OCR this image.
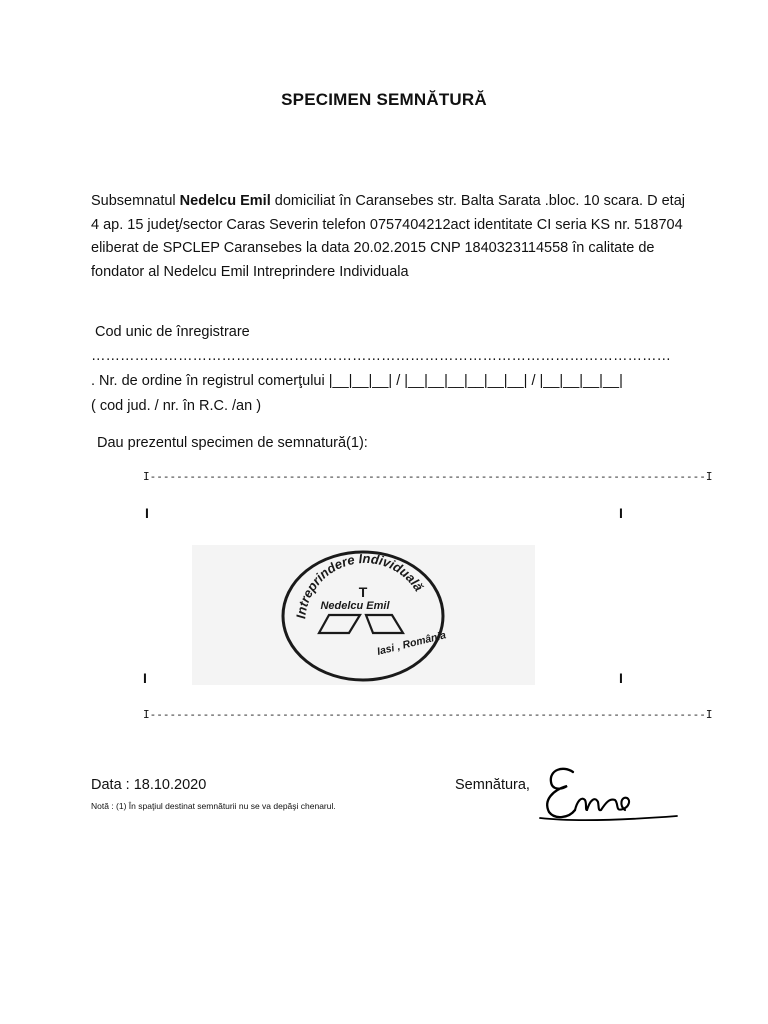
SPECIMEN SEMNĂTURĂ
Subsemnatul Nedelcu Emil domiciliat în Caransebes str. Balta Sarata .bloc. 10 scara. D etaj 4 ap. 15 judeţ/sector Caras Severin telefon 0757404212act identitate CI seria KS nr. 518704 eliberat de SPCLEP Caransebes la data 20.02.2015 CNP 1840323114558 în calitate de fondator al Nedelcu Emil Intreprindere Individuala
Cod unic de înregistrare
…………………………………………………………………………………………………………
. Nr. de ordine în registrul comerţului |__|__|__| / |__|__|__|__|__|__| / |__|__|__|__|
( cod jud. / nr. în R.C. /an )
Dau prezentul specimen de semnatură(1):
I------------------------------------------------------------------------------------I
I	I
I	I
I------------------------------------------------------------------------------------I
Intreprindere Individuală
T
Nedelcu Emil
Iasi , România
Data : 18.10.2020	Semnătura,
Notă : (1) În spaţiul destinat semnăturii nu se va depăşi chenarul.
